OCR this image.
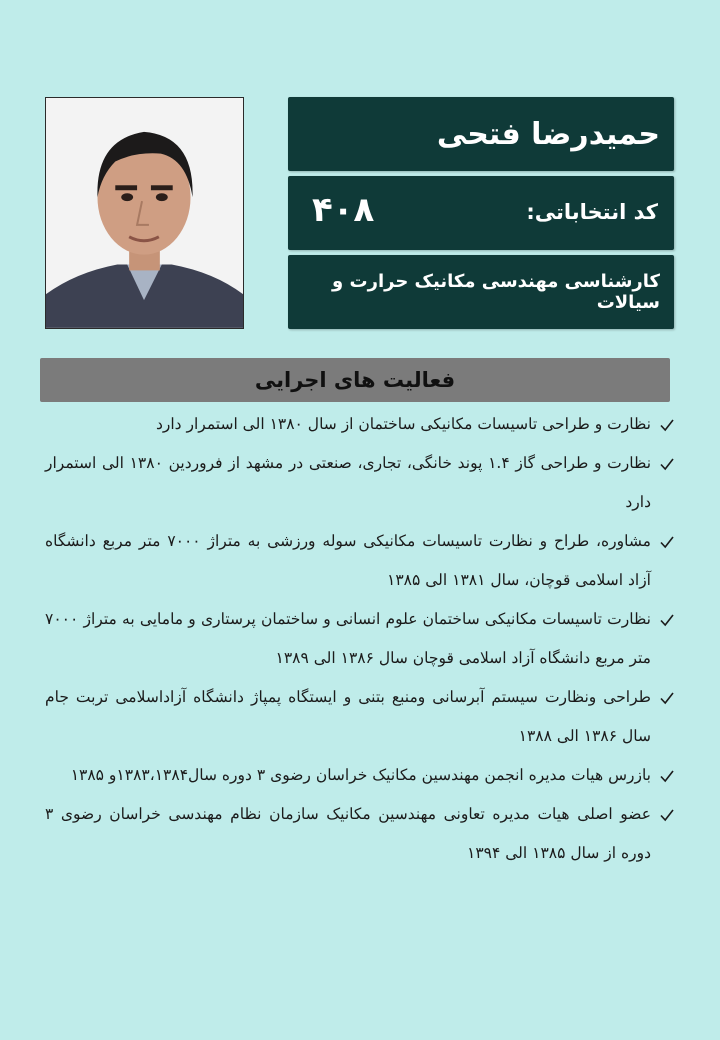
حمیدرضا فتحی
کد انتخاباتی:
۴۰۸
کارشناسی مهندسی مکانیک حرارت و سیالات
فعالیت های اجرایی
نظارت و طراحی تاسیسات مکانیکی ساختمان از سال ۱۳۸۰ الی استمرار دارد
نظارت و طراحی گاز ۱.۴ پوند خانگی، تجاری، صنعتی در مشهد از فروردین ۱۳۸۰ الی استمرار دارد
مشاوره، طراح و نظارت تاسیسات مکانیکی سوله ورزشی به متراژ ۷۰۰۰ متر مربع دانشگاه آزاد اسلامی قوچان، سال ۱۳۸۱ الی ۱۳۸۵
نظارت تاسیسات مکانیکی ساختمان علوم انسانی و ساختمان پرستاری و مامایی به متراژ ۷۰۰۰ متر مربع دانشگاه آزاد اسلامی قوچان سال ۱۳۸۶ الی ۱۳۸۹
طراحی ونظارت سیستم آبرسانی ومنبع بتنی و ایستگاه پمپاژ دانشگاه آزاداسلامی تربت جام سال ۱۳۸۶ الی ۱۳۸۸
بازرس هیات مدیره انجمن مهندسین مکانیک خراسان رضوی ۳ دوره سال۱۳۸۳،۱۳۸۴و ۱۳۸۵
عضو اصلی هیات مدیره تعاونی مهندسین مکانیک سازمان نظام مهندسی خراسان رضوی ۳ دوره از سال ۱۳۸۵ الی ۱۳۹۴
